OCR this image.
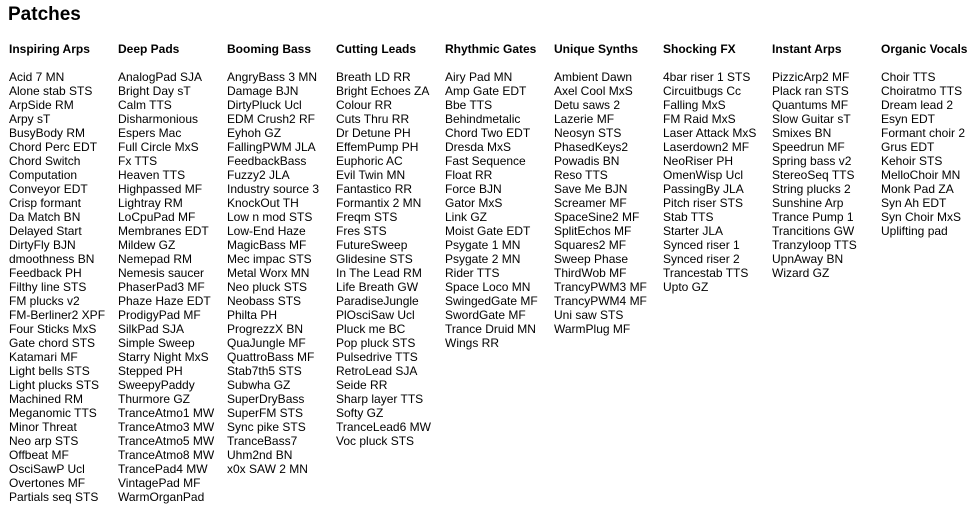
Patches
Inspiring Arps
Acid 7 MN
Alone stab STS
ArpSide RM
Arpy sT
BusyBody RM
Chord Perc EDT
Chord Switch
Computation
Conveyor EDT
Crisp formant
Da Match BN
Delayed Start
DirtyFly BJN
dmoothness BN
Feedback PH
Filthy line STS
FM plucks v2
FM-Berliner2 XPF
Four Sticks MxS
Gate chord STS
Katamari MF
Light bells STS
Light plucks STS
Machined RM
Meganomic TTS
Minor Threat
Neo arp STS
Offbeat MF
OsciSawP Ucl
Overtones MF
Partials seq STS
Deep Pads
AnalogPad SJA
Bright Day sT
Calm TTS
Disharmonious
Espers Mac
Full Circle MxS
Fx TTS
Heaven TTS
Highpassed MF
Lightray RM
LoCpuPad MF
Membranes EDT
Mildew GZ
Nemepad RM
Nemesis saucer
PhaserPad3 MF
Phaze Haze EDT
ProdigyPad MF
SilkPad SJA
Simple Sweep
Starry Night MxS
Stepped PH
SweepyPaddy
Thurmore GZ
TranceAtmo1 MW
TranceAtmo3 MW
TranceAtmo5 MW
TranceAtmo8 MW
TrancePad4 MW
VintagePad MF
WarmOrganPad
Booming Bass
AngryBass 3 MN
Damage BJN
DirtyPluck Ucl
EDM Crush2 RF
Eyhoh GZ
FallingPWM JLA
FeedbackBass
Fuzzy2 JLA
Industry source 3
KnockOut TH
Low n mod STS
Low-End Haze
MagicBass MF
Mec impac STS
Metal Worx MN
Neo pluck STS
Neobass STS
Philta PH
ProgrezzX BN
QuaJungle MF
QuattroBass MF
Stab7th5 STS
Subwha GZ
SuperDryBass
SuperFM STS
Sync pike STS
TranceBass7
Uhm2nd BN
x0x SAW 2 MN
Cutting Leads
Breath LD RR
Bright Echoes ZA
Colour RR
Cuts Thru RR
Dr Detune PH
EffemPump PH
Euphoric AC
Evil Twin MN
Fantastico RR
Formantix 2 MN
Freqm STS
Fres STS
FutureSweep
Glidesine STS
In The Lead RM
Life Breath GW
ParadiseJungle
PlOsciSaw Ucl
Pluck me BC
Pop pluck STS
Pulsedrive TTS
RetroLead SJA
Seide RR
Sharp layer TTS
Softy GZ
TranceLead6 MW
Voc pluck STS
Rhythmic Gates
Airy Pad MN
Amp Gate EDT
Bbe TTS
Behindmetalic
Chord Two EDT
Dresda MxS
Fast Sequence
Float RR
Force BJN
Gator MxS
Link GZ
Moist Gate EDT
Psygate 1 MN
Psygate 2 MN
Rider TTS
Space Loco MN
SwingedGate MF
SwordGate MF
Trance Druid MN
Wings RR
Unique Synths
Ambient Dawn
Axel Cool MxS
Detu saws 2
Lazerie MF
Neosyn STS
PhasedKeys2
Powadis BN
Reso TTS
Save Me BJN
Screamer MF
SpaceSine2 MF
SplitEchos MF
Squares2 MF
Sweep Phase
ThirdWob MF
TrancyPWM3 MF
TrancyPWM4 MF
Uni saw STS
WarmPlug MF
Shocking FX
4bar riser 1 STS
Circuitbugs Cc
Falling MxS
FM Raid MxS
Laser Attack MxS
Laserdown2 MF
NeoRiser PH
OmenWisp Ucl
PassingBy JLA
Pitch riser STS
Stab TTS
Starter JLA
Synced riser 1
Synced riser 2
Trancestab TTS
Upto GZ
Instant Arps
PizzicArp2 MF
Plack ran STS
Quantums MF
Slow Guitar sT
Smixes BN
Speedrun MF
Spring bass v2
StereoSeq TTS
String plucks 2
Sunshine Arp
Trance Pump 1
Trancitions GW
Tranzyloop TTS
UpnAway BN
Wizard GZ
Organic Vocals
Choir TTS
Choiratmo TTS
Dream lead 2
Esyn EDT
Formant choir 2
Grus EDT
Kehoir STS
MelloChoir MN
Monk Pad ZA
Syn Ah EDT
Syn Choir MxS
Uplifting pad
